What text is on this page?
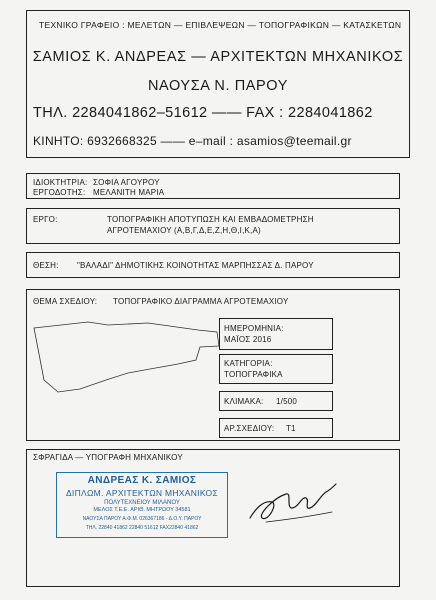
ΤΕΧΝΙΚΟ ΓΡΑΦΕΙΟ : ΜΕΛΕΤΩΝ — ΕΠΙΒΛΕΨΕΩΝ — ΤΟΠΟΓΡΑΦΙΚΩΝ — ΚΑΤΑΣΚΕΤΩΝ
ΣΑΜΙΟΣ Κ. ΑΝΔΡΕΑΣ — ΑΡΧΙΤΕΚΤΩΝ ΜΗΧΑΝΙΚΟΣ
ΝΑΟΥΣΑ Ν. ΠΑΡΟΥ
ΤΗΛ. 2284041862–51612 —— FAX : 2284041862
ΚΙΝΗΤΟ: 6932668325 —— e–mail : asamios@teemail.gr
ΙΔΙΟΚΤΗΤΡΙΑ: ΣΟΦΙΑ ΑΓΟΥΡΟΥ
ΕΡΓΟΔΟΤΗΣ: ΜΕΛΑΝΙΤΗ ΜΑΡΙΑ
ΕΡΓΟ:	ΤΟΠΟΓΡΑΦΙΚΗ ΑΠΟΤΥΠΩΣΗ ΚΑΙ ΕΜΒΑΔΟΜΕΤΡΗΣΗ
ΑΓΡΟΤΕΜΑΧΙΟΥ (Α,Β,Γ,Δ,Ε,Ζ,Η,Θ,Ι,Κ,Α)
ΘΕΣΗ: "ΒΑΛΑΔΙ" ΔΗΜΟΤΙΚΗΣ ΚΟΙΝΟΤΗΤΑΣ ΜΑΡΠΗΣΣΑΣ Δ. ΠΑΡΟΥ
ΘΕΜΑ ΣΧΕΔΙΟΥ: ΤΟΠΟΓΡΑΦΙΚΟ ΔΙΑΓΡΑΜΜΑ ΑΓΡΟΤΕΜΑΧΙΟΥ
ΗΜΕΡΟΜΗΝΙΑ:
ΜΑΪΟΣ 2016
ΚΑΤΗΓΟΡΙΑ:
ΤΟΠΟΓΡΑΦΙΚΑ
ΚΛΙΜΑΚΑ: 1/500
ΑΡ.ΣΧΕΔΙΟΥ: Τ1
ΣΦΡΑΓΙΔΑ — ΥΠΟΓΡΑΦΗ ΜΗΧΑΝΙΚΟΥ
ΑΝΔΡΕΑΣ Κ. ΣΑΜΙΟΣ
ΔΙΠΛΩΜ. ΑΡΧΙΤΕΚΤΩΝ ΜΗΧΑΝΙΚΟΣ
ΠΟΛΥΤΕΧΝΕΙΟΥ ΜΙΛΑΝΟΥ
ΜΕΛΟΣ Τ.Ε.Ε. ΑΡΙΘ. ΜΗΤΡΩΟΥ 34581
ΝΑΟΥΣΑ ΠΑΡΟΥ Α.Φ.Μ. 026367186 - Δ.Ο.Υ. ΠΑΡΟΥ
ΤΗΛ. 22840 41862 22840 51612 FAX22840 41862
